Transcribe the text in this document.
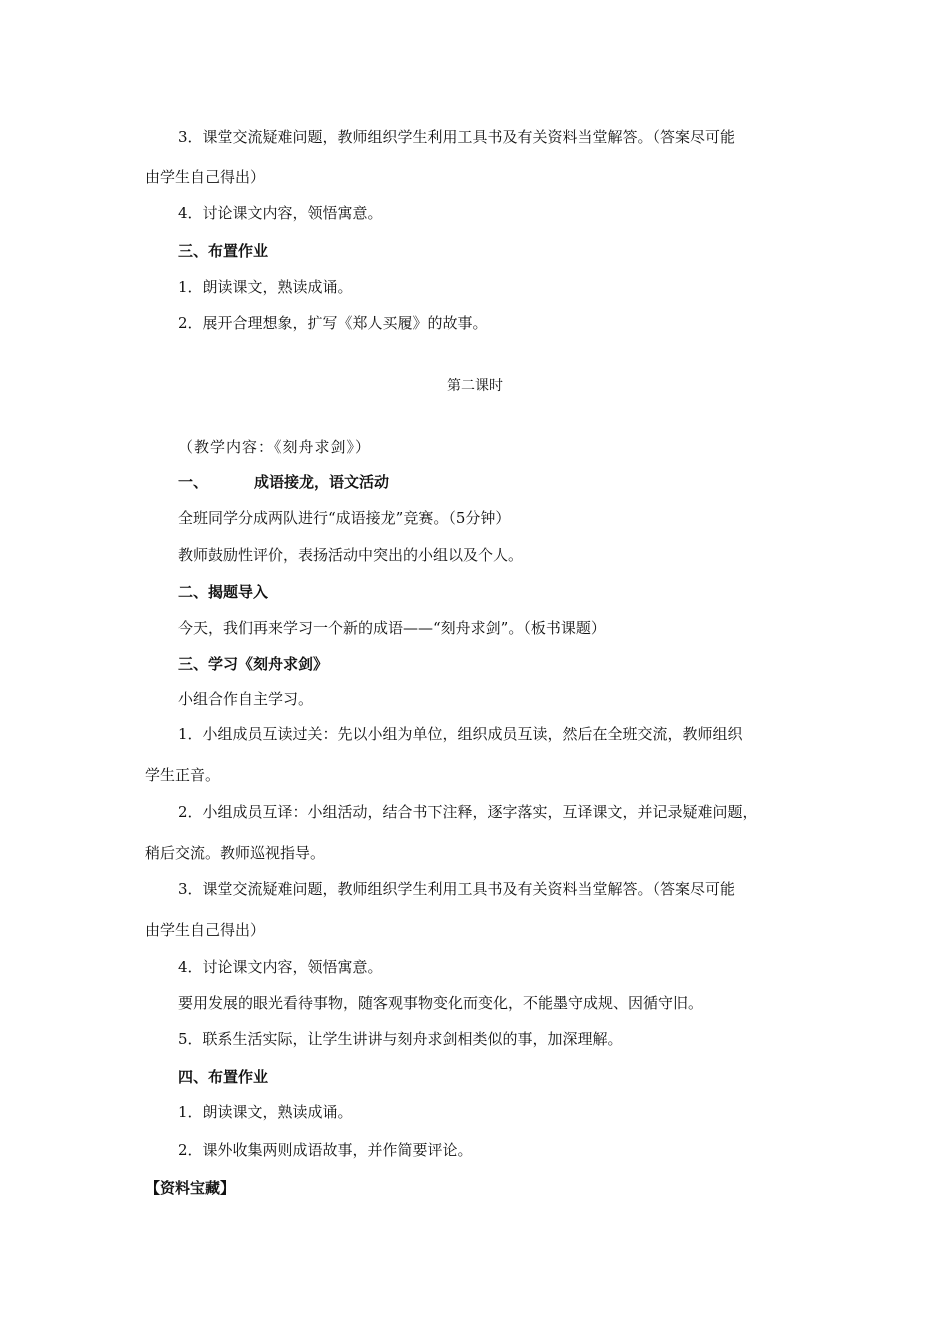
3．课堂交流疑难问题，教师组织学生利用工具书及有关资料当堂解答。（答案尽可能
由学生自己得出）
4．讨论课文内容，领悟寓意。
三、布置作业
1．朗读课文，熟读成诵。
2．展开合理想象，扩写《郑人买履》的故事。
第二课时
（教学内容：《刻舟求剑》）
一、	成语接龙，语文活动
全班同学分成两队进行“成语接龙”竞赛。（5分钟）
教师鼓励性评价，表扬活动中突出的小组以及个人。
二、揭题导入
今天，我们再来学习一个新的成语——“刻舟求剑”。（板书课题）
三、学习《刻舟求剑》
小组合作自主学习。
1．小组成员互读过关：先以小组为单位，组织成员互读，然后在全班交流，教师组织
学生正音。
2．小组成员互译：小组活动，结合书下注释，逐字落实，互译课文，并记录疑难问题，
稍后交流。教师巡视指导。
3．课堂交流疑难问题，教师组织学生利用工具书及有关资料当堂解答。（答案尽可能
由学生自己得出）
4．讨论课文内容，领悟寓意。
要用发展的眼光看待事物，随客观事物变化而变化，不能墨守成规、因循守旧。
5．联系生活实际，让学生讲讲与刻舟求剑相类似的事，加深理解。
四、布置作业
1．朗读课文，熟读成诵。
2．课外收集两则成语故事，并作简要评论。
【资料宝藏】
